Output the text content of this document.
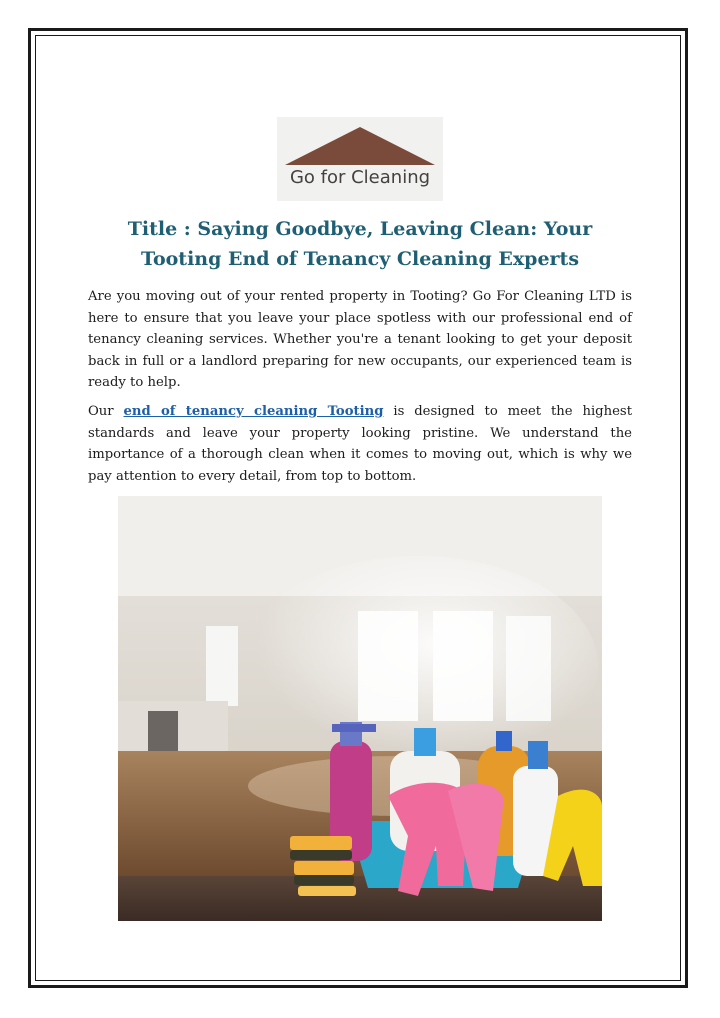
Go for Cleaning
Title : Saying Goodbye, Leaving Clean: Your
Tooting End of Tenancy Cleaning Experts

Are you moving out of your rented property in Tooting? Go For Cleaning LTD is here to ensure that you leave your place spotless with our professional end of tenancy cleaning services. Whether you're a tenant looking to get your deposit back in full or a landlord preparing for new occupants, our experienced team is ready to help.

Our end of tenancy cleaning Tooting is designed to meet the highest standards and leave your property looking pristine. We understand the importance of a thorough clean when it comes to moving out, which is why we pay attention to every detail, from top to bottom.
